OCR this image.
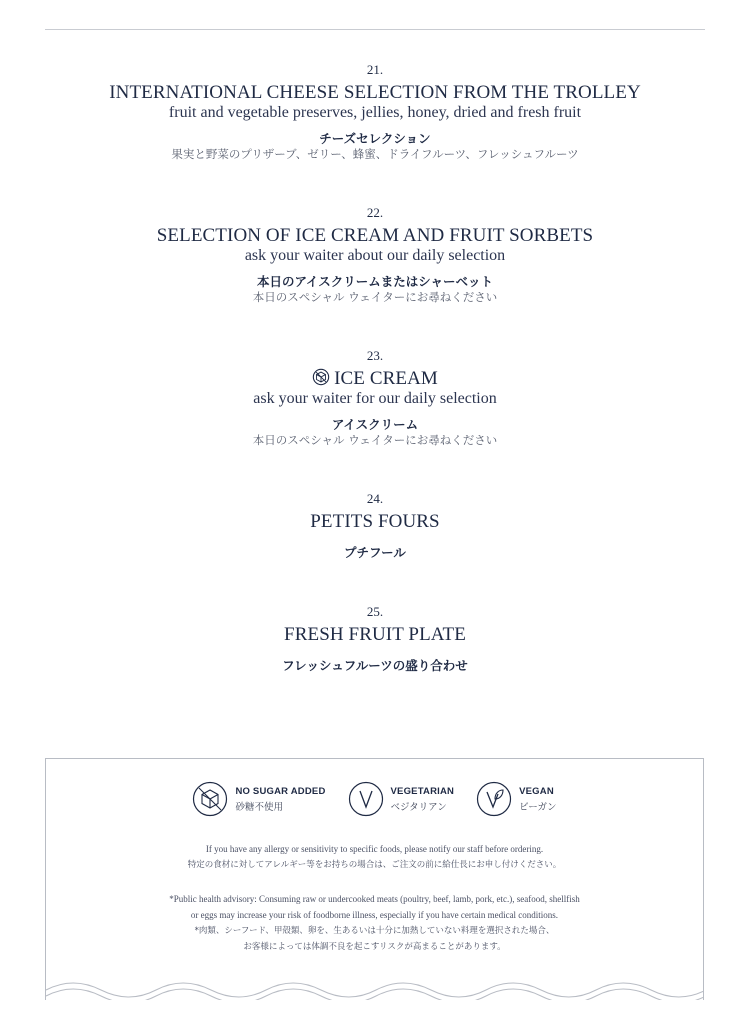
21.
INTERNATIONAL CHEESE SELECTION FROM THE TROLLEY
fruit and vegetable preserves, jellies, honey, dried and fresh fruit
チーズセレクション
果実と野菜のプリザーブ、ゼリー、蜂蜜、ドライフルーツ、フレッシュフルーツ
22.
SELECTION OF ICE CREAM AND FRUIT SORBETS
ask your waiter about our daily selection
本日のアイスクリームまたはシャーベット
本日のスペシャル ウェイターにお尋ねください
23.
ICE CREAM
ask your waiter for our daily selection
アイスクリーム
本日のスペシャル ウェイターにお尋ねください
24.
PETITS FOURS
プチフール
25.
FRESH FRUIT PLATE
フレッシュフルーツの盛り合わせ
NO SUGAR ADDED
砂糖不使用
VEGETARIAN
ベジタリアン
VEGAN
ビーガン
If you have any allergy or sensitivity to specific foods, please notify our staff before ordering.
特定の食材に対してアレルギー等をお持ちの場合は、ご注文の前に給仕長にお申し付けください。
*Public health advisory: Consuming raw or undercooked meats (poultry, beef, lamb, pork, etc.), seafood, shellfish
or eggs may increase your risk of foodborne illness, especially if you have certain medical conditions.
*肉類、シーフード、甲殻類、卵を、生あるいは十分に加熱していない料理を選択された場合、
お客様によっては体調不良を起こすリスクが高まることがあります。
